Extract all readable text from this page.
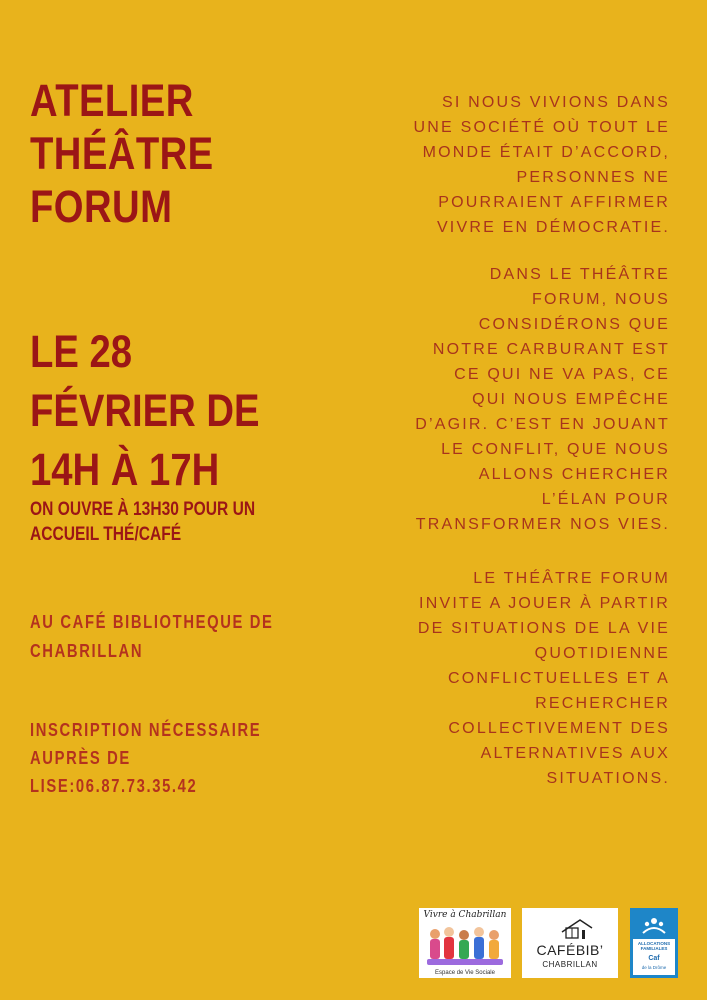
ATELIER
THÉÂTRE
FORUM
LE 28
FÉVRIER DE
14H À 17H
ON OUVRE À 13H30 POUR UN
ACCUEIL THÉ/CAFÉ
AU CAFÉ BIBLIOTHEQUE DE
CHABRILLAN
INSCRIPTION NÉCESSAIRE
AUPRÈS DE
LISE:06.87.73.35.42
SI NOUS VIVIONS DANS
UNE SOCIÉTÉ OÙ TOUT LE
MONDE ÉTAIT D’ACCORD,
PERSONNES NE
POURRAIENT AFFIRMER
VIVRE EN DÉMOCRATIE.
DANS LE THÉÂTRE
FORUM, NOUS
CONSIDÉRONS QUE
NOTRE CARBURANT EST
CE QUI NE VA PAS, CE
QUI NOUS EMPÊCHE
D’AGIR. C’EST EN JOUANT
LE CONFLIT, QUE NOUS
ALLONS CHERCHER
L’ÉLAN POUR
TRANSFORMER NOS VIES.
LE THÉÂTRE FORUM
INVITE A JOUER À PARTIR
DE SITUATIONS DE LA VIE
QUOTIDIENNE
CONFLICTUELLES ET A
RECHERCHER
COLLECTIVEMENT DES
ALTERNATIVES AUX
SITUATIONS.
Vivre à Chabrillan
Espace de Vie Sociale
CAFÉBIB’
CHABRILLAN
ALLOCATIONS FAMILIALES
Caf
de la Drôme
